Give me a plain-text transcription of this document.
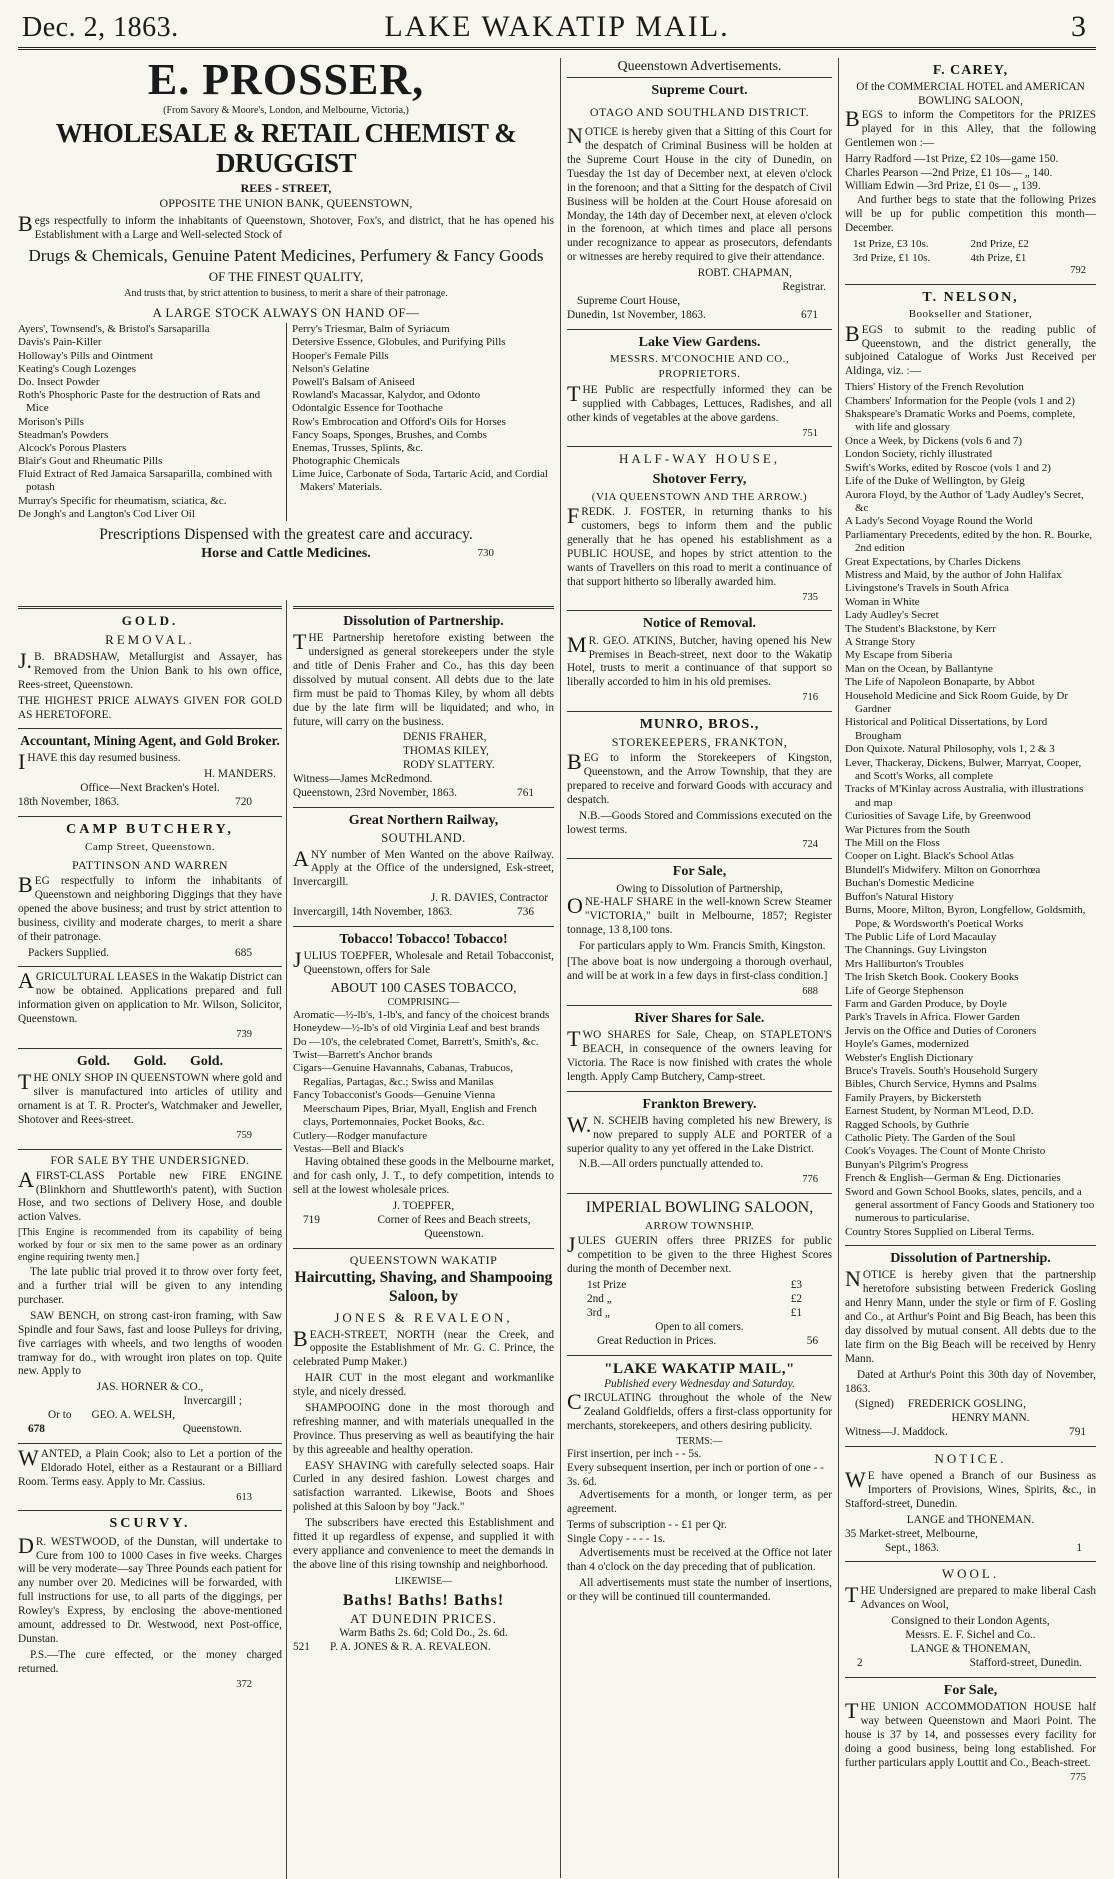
Dec. 2, 1863.	LAKE WAKATIP MAIL.	3
E. PROSSER,
(From Savory & Moore's, London, and Melbourne, Victoria,)
WHOLESALE & RETAIL CHEMIST & DRUGGIST
REES - STREET,
OPPOSITE THE UNION BANK, QUEENSTOWN,

Begs respectfully to inform the inhabitants of Queenstown, Shotover, Fox's, and district, that he has opened his Establishment with a Large and Well-selected Stock of

Drugs & Chemicals, Genuine Patent Medicines, Perfumery & Fancy Goods
OF THE FINEST QUALITY,
And trusts that, by strict attention to business, to merit a share of their patronage.
A LARGE STOCK ALWAYS ON HAND OF—
Ayers', Townsend's, & Bristol's Sarsaparilla
Davis's Pain-Killer
Holloway's Pills and Ointment
Keating's Cough Lozenges
Do. Insect Powder
Roth's Phosphoric Paste for the destruction of Rats and Mice
Morison's Pills
Steadman's Powders
Alcock's Porous Plasters
Blair's Gout and Rheumatic Pills
Fluid Extract of Red Jamaica Sarsaparilla, combined with potash
Murray's Specific for rheumatism, sciatica, &c.
De Jongh's and Langton's Cod Liver Oil
Perry's Triesmar, Balm of Syriacum
Detersive Essence, Globules, and Purifying Pills
Hooper's Female Pills
Nelson's Gelatine
Powell's Balsam of Aniseed
Rowland's Macassar, Kalydor, and Odonto
Odontalgic Essence for Toothache
Row's Embrocation and Offord's Oils for Horses
Fancy Soaps, Sponges, Brushes, and Combs
Enemas, Trusses, Splints, &c.
Photographic Chemicals
Lime Juice, Carbonate of Soda, Tartaric Acid, and Cordial Makers' Materials.
Prescriptions Dispensed with the greatest care and accuracy.
Horse and Cattle Medicines.	730
GOLD.
REMOVAL.

J.B. BRADSHAW, Metallurgist and Assayer, has Removed from the Union Bank to his own office, Rees-street, Queenstown.

THE HIGHEST PRICE ALWAYS GIVEN FOR GOLD AS HERETOFORE.

Accountant, Mining Agent, and Gold Broker.

IHAVE this day resumed business.

H. MANDERS.
Office—Next Bracken's Hotel.
18th November, 1863.	720
CAMP BUTCHERY,
Camp Street, Queenstown.
PATTINSON AND WARREN

BEG respectfully to inform the inhabitants of Queenstown and neighboring Diggings that they have opened the above business; and trust by strict attention to business, civility and moderate charges, to merit a share of their patronage.

Packers Supplied.	685

AGRICULTURAL LEASES in the Wakatip District can now be obtained. Applications prepared and full information given on application to Mr. Wilson, Solicitor, Queenstown.

739
Gold. Gold. Gold.

THE ONLY SHOP IN QUEENSTOWN where gold and silver is manufactured into articles of utility and ornament is at T. R. Procter's, Watchmaker and Jeweller, Shotover and Rees-street.

759
FOR SALE BY THE UNDERSIGNED.

AFIRST-CLASS Portable new FIRE ENGINE (Blinkhorn and Shuttleworth's patent), with Suction Hose, and two sections of Delivery Hose, and double action Valves.

[This Engine is recommended from its capability of being worked by four or six men to the same power as an ordinary engine requiring twenty men.]

The late public trial proved it to throw over forty feet, and a further trial will be given to any intending purchaser.

SAW BENCH, on strong cast-iron framing, with Saw Spindle and four Saws, fast and loose Pulleys for driving, five carriages with wheels, and two lengths of wooden tramway for do., with wrought iron plates on top. Quite new. Apply to

JAS. HORNER & CO.,
Invercargill ;
Or to GEO. A. WELSH,
678	Queenstown.

WANTED, a Plain Cook; also to Let a portion of the Eldorado Hotel, either as a Restaurant or a Billiard Room. Terms easy. Apply to Mr. Cassius.

613
SCURVY.

DR. WESTWOOD, of the Dunstan, will undertake to Cure from 100 to 1000 Cases in five weeks. Charges will be very moderate—say Three Pounds each patient for any number over 20. Medicines will be forwarded, with full instructions for use, to all parts of the diggings, per Rowley's Express, by enclosing the above-mentioned amount, addressed to Dr. Westwood, next Post-office, Dunstan.

P.S.—The cure effected, or the money charged returned.

372
Dissolution of Partnership.

THE Partnership heretofore existing between the undersigned as general storekeepers under the style and title of Denis Fraher and Co., has this day been dissolved by mutual consent. All debts due to the late firm must be paid to Thomas Kiley, by whom all debts due by the late firm will be liquidated; and who, in future, will carry on the business.

DENIS FRAHER,
THOMAS KILEY,
RODY SLATTERY.
Witness—James McRedmond.
Queenstown, 23rd November, 1863.	761
Great Northern Railway,
SOUTHLAND.

ANY number of Men Wanted on the above Railway. Apply at the Office of the undersigned, Esk-street, Invercargill.

J. R. DAVIES, Contractor
Invercargill, 14th November, 1863.	736
Tobacco! Tobacco! Tobacco!

JULIUS TOEPFER, Wholesale and Retail Tobacconist, Queenstown, offers for Sale

ABOUT 100 CASES TOBACCO,
COMPRISING—
Aromatic—½-lb's, 1-lb's, and fancy of the choicest brands
Honeydew—½-lb's of old Virginia Leaf and best brands
Do —10's, the celebrated Comet, Barrett's, Smith's, &c.
Twist—Barrett's Anchor brands
Cigars—Genuine Havannahs, Cabanas, Trabucos, Regalias, Partagas, &c.; Swiss and Manilas
Fancy Tobacconist's Goods—Genuine Vienna Meerschaum Pipes, Briar, Myall, English and French clays, Portemonnaies, Pocket Books, &c.
Cutlery—Rodger manufacture
Vestas—Bell and Black's

Having obtained these goods in the Melbourne market, and for cash only, J. T., to defy competition, intends to sell at the lowest wholesale prices.

J. TOEPFER,
719	Corner of Rees and Beach streets, Queenstown.
QUEENSTOWN WAKATIP
Haircutting, Shaving, and Shampooing Saloon, by
JONES & REVALEON,

BEACH-STREET, NORTH (near the Creek, and opposite the Establishment of Mr. G. C. Prince, the celebrated Pump Maker.)

HAIR CUT in the most elegant and workmanlike style, and nicely dressed.

SHAMPOOING done in the most thorough and refreshing manner, and with materials unequalled in the Province. Thus preserving as well as beautifying the hair by this agreeable and healthy operation.

EASY SHAVING with carefully selected soaps. Hair Curled in any desired fashion. Lowest charges and satisfaction warranted. Likewise, Boots and Shoes polished at this Saloon by boy "Jack."

The subscribers have erected this Establishment and fitted it up regardless of expense, and supplied it with every appliance and convenience to meet the demands in the above line of this rising township and neighborhood.

LIKEWISE—
Baths! Baths! Baths!
AT DUNEDIN PRICES.
Warm Baths 2s. 6d; Cold Do., 2s. 6d.
521 P. A. JONES & R. A. REVALEON.
Queenstown Advertisements.
Supreme Court.
OTAGO AND SOUTHLAND DISTRICT.

NOTICE is hereby given that a Sitting of this Court for the despatch of Criminal Business will be holden at the Supreme Court House in the city of Dunedin, on Tuesday the 1st day of December next, at eleven o'clock in the forenoon; and that a Sitting for the despatch of Civil Business will be holden at the Court House aforesaid on Monday, the 14th day of December next, at eleven o'clock in the forenoon, at which times and place all persons under recognizance to appear as prosecutors, defendants or witnesses are hereby required to give their attendance.

ROBT. CHAPMAN,
Registrar.
Supreme Court House,
Dunedin, 1st November, 1863.	671
Lake View Gardens.
MESSRS. M'CONOCHIE AND CO.,
PROPRIETORS.

THE Public are respectfully informed they can be supplied with Cabbages, Lettuces, Radishes, and all other kinds of vegetables at the above gardens.

751
HALF-WAY HOUSE,
Shotover Ferry,
(VIA QUEENSTOWN AND THE ARROW.)

FREDK. J. FOSTER, in returning thanks to his customers, begs to inform them and the public generally that he has opened his establishment as a PUBLIC HOUSE, and hopes by strict attention to the wants of Travellers on this road to merit a continuance of that support hitherto so liberally awarded him.

735
Notice of Removal.

MR. GEO. ATKINS, Butcher, having opened his New Premises in Beach-street, next door to the Wakatip Hotel, trusts to merit a continuance of that support so liberally accorded to him in his old premises.

716
MUNRO, BROS.,
STOREKEEPERS, FRANKTON,

BEG to inform the Storekeepers of Kingston, Queenstown, and the Arrow Township, that they are prepared to receive and forward Goods with accuracy and despatch.

N.B.—Goods Stored and Commissions executed on the lowest terms.

724
For Sale,
Owing to Dissolution of Partnership,

ONE-HALF SHARE in the well-known Screw Steamer "VICTORIA," built in Melbourne, 1857; Register tonnage, 13 8,100 tons.

For particulars apply to Wm. Francis Smith, Kingston.

[The above boat is now undergoing a thorough overhaul, and will be at work in a few days in first-class condition.]

688
River Shares for Sale.

TWO SHARES for Sale, Cheap, on STAPLETON'S BEACH, in consequence of the owners leaving for Victoria. The Race is now finished with crates the whole length. Apply Camp Butchery, Camp-street.

Frankton Brewery.

W.N. SCHEIB having completed his new Brewery, is now prepared to supply ALE and PORTER of a superior quality to any yet offered in the Lake District.

N.B.—All orders punctually attended to.

776
IMPERIAL BOWLING SALOON,
ARROW TOWNSHIP.

JULES GUERIN offers three PRIZES for public competition to be given to the three Highest Scores during the month of December next.

1st Prize	£3
2nd „	£2
3rd „	£1
Open to all comers.
Great Reduction in Prices.	56
"LAKE WAKATIP MAIL,"
Published every Wednesday and Saturday.

CIRCULATING throughout the whole of the New Zealand Goldfields, offers a first-class opportunity for merchants, storekeepers, and others desiring publicity.

TERMS:—
First insertion, per inch - - 5s.
Every subsequent insertion, per inch or portion of one - - 3s. 6d.

Advertisements for a month, or longer term, as per agreement.

Terms of subscription - - £1 per Qr.
Single Copy - - - - 1s.

Advertisements must be received at the Office not later than 4 o'clock on the day preceding that of publication.

All advertisements must state the number of insertions, or they will be continued till countermanded.

F. CAREY,
Of the COMMERCIAL HOTEL and AMERICAN BOWLING SALOON,

BEGS to inform the Competitors for the PRIZES played for in this Alley, that the following Gentlemen won :—

Harry Radford —1st Prize, £2 10s—game 150.
Charles Pearson —2nd Prize, £1 10s— „ 140.
William Edwin —3rd Prize, £1 0s— „ 139.

And further begs to state that the following Prizes will be up for public competition this month—December.

1st Prize, £3 10s.	2nd Prize, £2
3rd Prize, £1 10s.	4th Prize, £1
792
T. NELSON,
Bookseller and Stationer,

BEGS to submit to the reading public of Queenstown, and the district generally, the subjoined Catalogue of Works Just Received per Aldinga, viz. :—

Thiers' History of the French Revolution
Chambers' Information for the People (vols 1 and 2)
Shakspeare's Dramatic Works and Poems, complete, with life and glossary
Once a Week, by Dickens (vols 6 and 7)
London Society, richly illustrated
Swift's Works, edited by Roscoe (vols 1 and 2)
Life of the Duke of Wellington, by Gleig
Aurora Floyd, by the Author of 'Lady Audley's Secret, &c
A Lady's Second Voyage Round the World
Parliamentary Precedents, edited by the hon. R. Bourke, 2nd edition
Great Expectations, by Charles Dickens
Mistress and Maid, by the author of John Halifax
Livingstone's Travels in South Africa
Woman in White
Lady Audley's Secret
The Student's Blackstone, by Kerr
A Strange Story
My Escape from Siberia
Man on the Ocean, by Ballantyne
The Life of Napoleon Bonaparte, by Abbot
Household Medicine and Sick Room Guide, by Dr Gardner
Historical and Political Dissertations, by Lord Brougham
Don Quixote. Natural Philosophy, vols 1, 2 & 3
Lever, Thackeray, Dickens, Bulwer, Marryat, Cooper, and Scott's Works, all complete
Tracks of M'Kinlay across Australia, with illustrations and map
Curiosities of Savage Life, by Greenwood
War Pictures from the South
The Mill on the Floss
Cooper on Light. Black's School Atlas
Blundell's Midwifery. Milton on Gonorrhœa
Buchan's Domestic Medicine
Buffon's Natural History
Burns, Moore, Milton, Byron, Longfellow, Goldsmith, Pope, & Wordsworth's Poetical Works
The Public Life of Lord Macaulay
The Channings. Guy Livingston
Mrs Halliburton's Troubles
The Irish Sketch Book. Cookery Books
Life of George Stephenson
Farm and Garden Produce, by Doyle
Park's Travels in Africa. Flower Garden
Jervis on the Office and Duties of Coroners
Hoyle's Games, modernized
Webster's English Dictionary
Bruce's Travels. South's Household Surgery
Bibles, Church Service, Hymns and Psalms
Family Prayers, by Bickersteth
Earnest Student, by Norman M'Leod, D.D.
Ragged Schools, by Guthrie
Catholic Piety. The Garden of the Soul
Cook's Voyages. The Count of Monte Christo
Bunyan's Pilgrim's Progress
French & English—German & Eng. Dictionaries
Sword and Gown School Books, slates, pencils, and a general assortment of Fancy Goods and Stationery too numerous to particularise.
Country Stores Supplied on Liberal Terms.
Dissolution of Partnership.

NOTICE is hereby given that the partnership heretofore subsisting between Frederick Gosling and Henry Mann, under the style or firm of F. Gosling and Co., at Arthur's Point and Big Beach, has been this day dissolved by mutual consent. All debts due to the late firm on the Big Beach will be received by Henry Mann.

Dated at Arthur's Point this 30th day of November, 1863.

(Signed) FREDERICK GOSLING,
HENRY MANN.
Witness—J. Maddock.	791
NOTICE.

WE have opened a Branch of our Business as Importers of Provisions, Wines, Spirits, &c., in Stafford-street, Dunedin.

LANGE and THONEMAN.
35 Market-street, Melbourne,
Sept., 1863.	1
WOOL.

THE Undersigned are prepared to make liberal Cash Advances on Wool,

Consigned to their London Agents,
Messrs. E. F. Sichel and Co..
LANGE & THONEMAN,
2	Stafford-street, Dunedin.
For Sale,

THE UNION ACCOMMODATION HOUSE half way between Queenstown and Maori Point. The house is 37 by 14, and possesses every facility for doing a good business, being long established. For further particulars apply Louttit and Co., Beach-street.

775
